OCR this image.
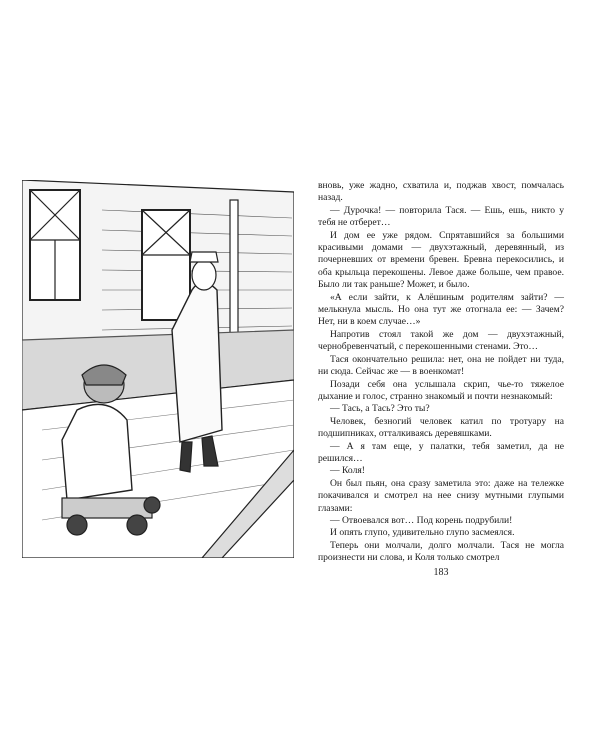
вновь, уже жадно, схватила и, поджав хвост, помчалась назад.

— Дурочка! — повторила Тася. — Ешь, ешь, никто у тебя не отберет…

И дом ее уже рядом. Спрятавшийся за большими красивыми домами — двухэтажный, деревянный, из почерневших от времени бревен. Бревна перекосились, и оба крыльца перекошены. Левое даже больше, чем правое. Было ли так раньше? Может, и было.

«А если зайти, к Алёшиным родителям зайти? — мелькнула мысль. Но она тут же отогнала ее: — Зачем? Нет, ни в коем случае…»

Напротив стоял такой же дом — двухэтажный, чернобревенчатый, с перекошенными стенами. Это…

Тася окончательно решила: нет, она не пойдет ни туда, ни сюда. Сейчас же — в военкомат!

Позади себя она услышала скрип, чье-то тяжелое дыхание и голос, странно знакомый и почти незнакомый:

— Тась, а Тась? Это ты?

Человек, безногий человек катил по тротуару на подшипниках, отталкиваясь деревяшками.

— А я там еще, у палатки, тебя заметил, да не решился…

— Коля!

Он был пьян, она сразу заметила это: даже на тележке покачивался и смотрел на нее снизу мутными глупыми глазами:

— Отвоевался вот… Под корень подрубили!

И опять глупо, удивительно глупо засмеялся.

Теперь они молчали, долго молчали. Тася не могла произнести ни слова, и Коля только смотрел

183
